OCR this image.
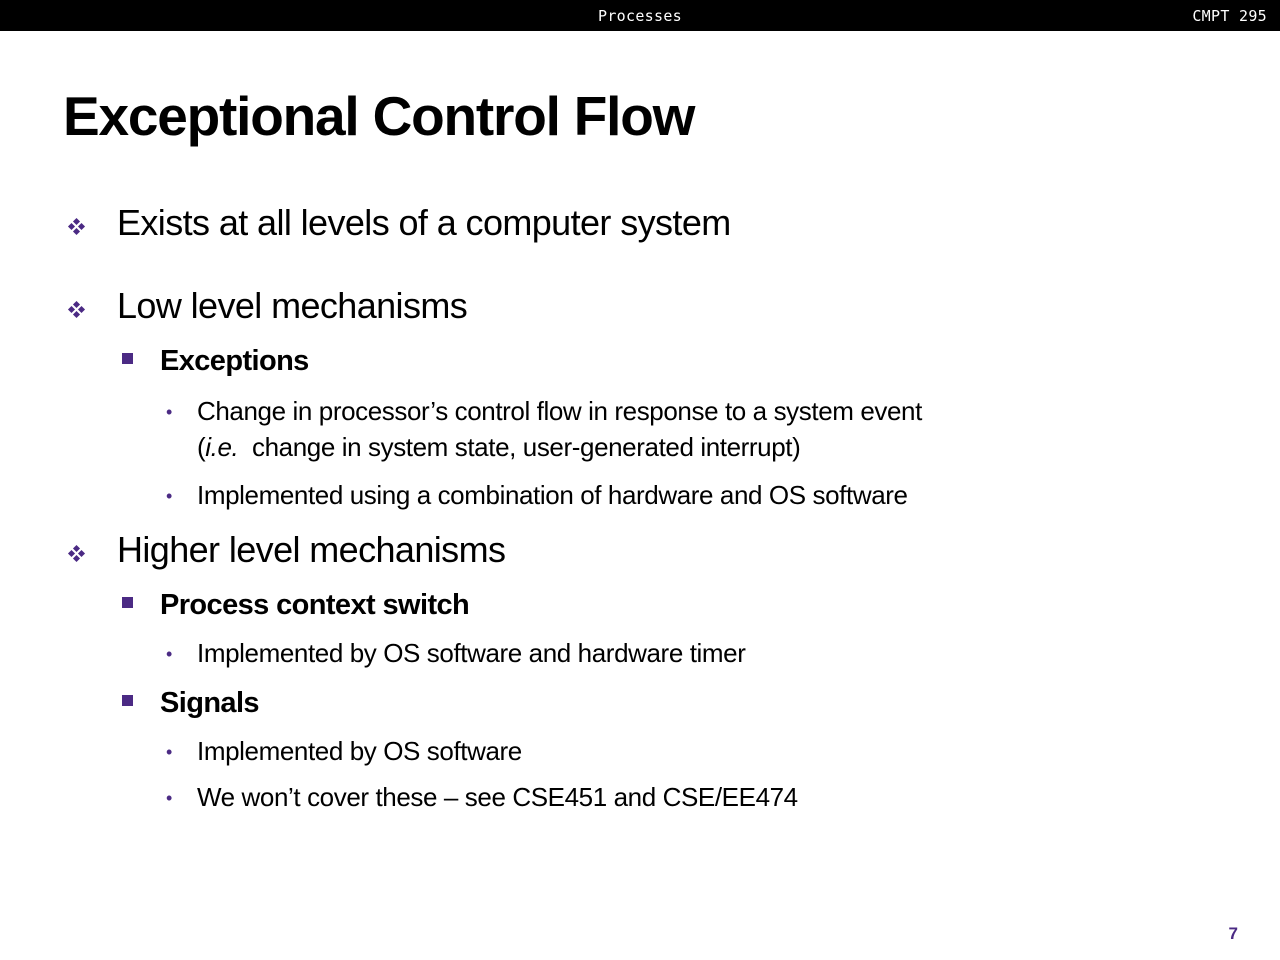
Processes	CMPT 295
Exceptional Control Flow
Exists at all levels of a computer system
Low level mechanisms
Exceptions
• Change in processor’s control flow in response to a system event
(i.e.  change in system state, user-generated interrupt)
• Implemented using a combination of hardware and OS software
Higher level mechanisms
Process context switch
• Implemented by OS software and hardware timer
Signals
• Implemented by OS software
• We won’t cover these – see CSE451 and CSE/EE474
7
